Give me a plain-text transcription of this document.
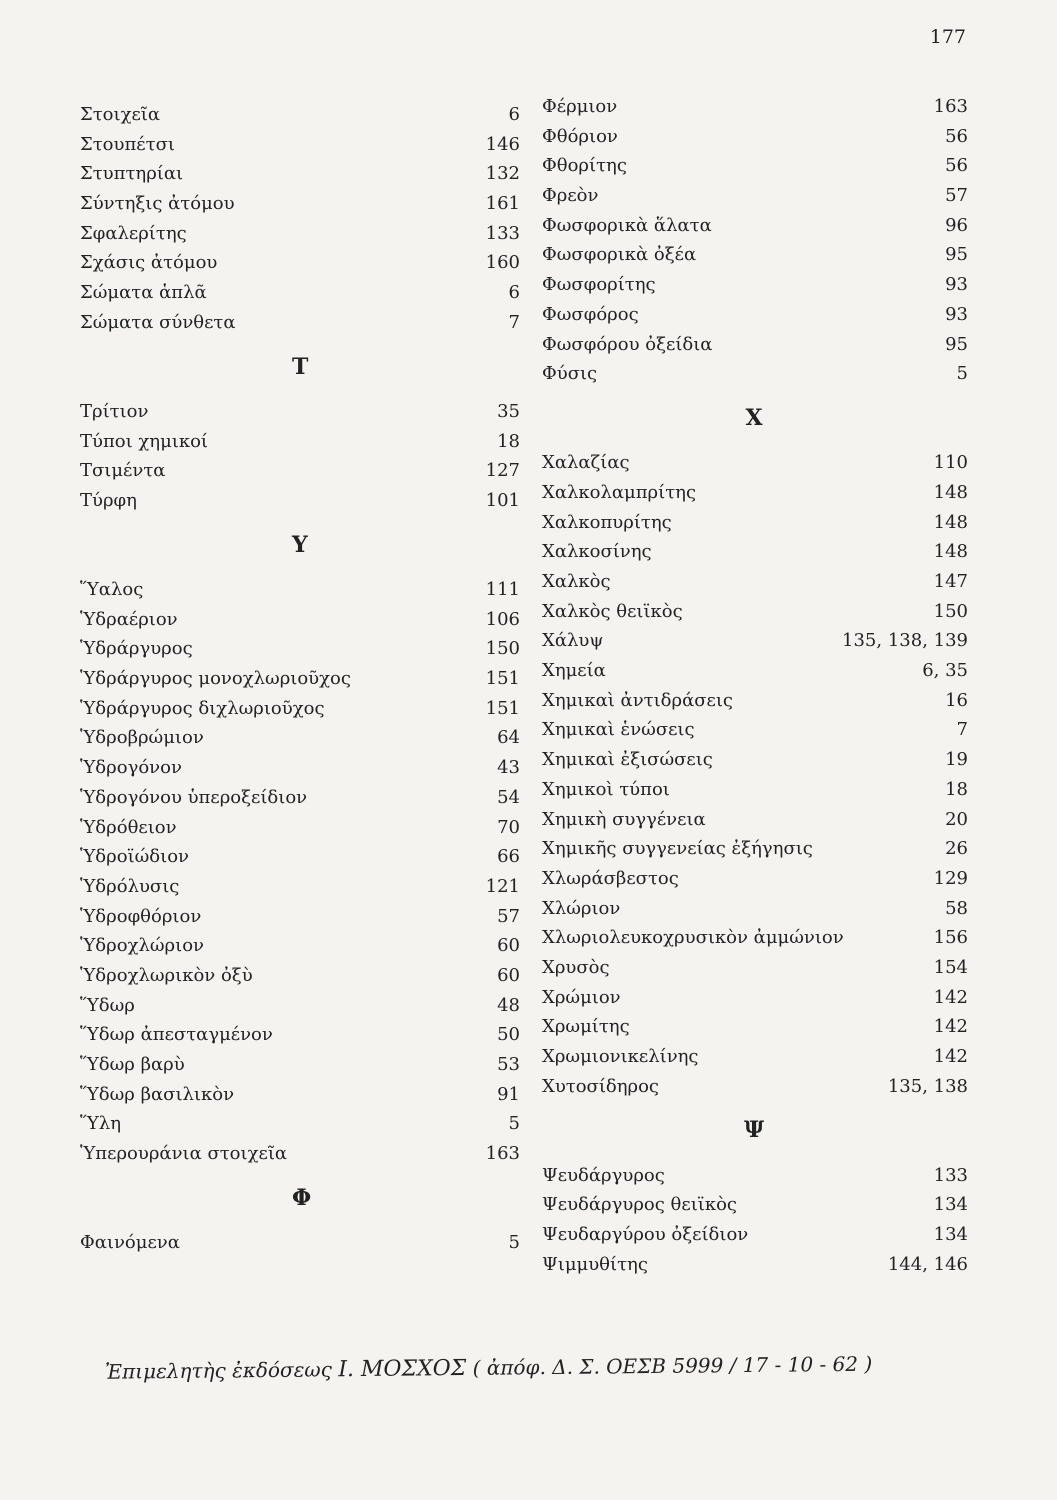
177
Στοιχεῖα	6
Στουπέτσι	146
Στυπτηρίαι	132
Σύντηξις ἀτόμου	161
Σφαλερίτης	133
Σχάσις ἀτόμου	160
Σώματα ἁπλᾶ	6
Σώματα σύνθετα	7
Τ
Τρίτιον	35
Τύποι χημικοί	18
Τσιμέντα	127
Τύρφη	101
Υ
Ὕαλος	111
Ὑδραέριον	106
Ὑδράργυρος	150
Ὑδράργυρος μονοχλωριοῦχος	151
Ὑδράργυρος διχλωριοῦχος	151
Ὑδροβρώμιον	64
Ὑδρογόνον	43
Ὑδρογόνου ὑπεροξείδιον	54
Ὑδρόθειον	70
Ὑδροϊώδιον	66
Ὑδρόλυσις	121
Ὑδροφθόριον	57
Ὑδροχλώριον	60
Ὑδροχλωρικὸν ὀξὺ	60
Ὕδωρ	48
Ὕδωρ ἀπεσταγμένον	50
Ὕδωρ βαρὺ	53
Ὕδωρ βασιλικὸν	91
Ὕλη	5
Ὑπερουράνια στοιχεῖα	163
Φ
Φαινόμενα	5
Φέρμιον	163
Φθόριον	56
Φθορίτης	56
Φρεὸν	57
Φωσφορικὰ ἅλατα	96
Φωσφορικὰ ὀξέα	95
Φωσφορίτης	93
Φωσφόρος	93
Φωσφόρου ὀξείδια	95
Φύσις	5
Χ
Χαλαζίας	110
Χαλκολαμπρίτης	148
Χαλκοπυρίτης	148
Χαλκοσίνης	148
Χαλκὸς	147
Χαλκὸς θειϊκὸς	150
Χάλυψ	135, 138, 139
Χημεία	6, 35
Χημικαὶ ἀντιδράσεις	16
Χημικαὶ ἑνώσεις	7
Χημικαὶ ἐξισώσεις	19
Χημικοὶ τύποι	18
Χημικὴ συγγένεια	20
Χημικῆς συγγενείας ἐξήγησις	26
Χλωράσβεστος	129
Χλώριον	58
Χλωριολευκοχρυσικὸν ἀμμώνιον	156
Χρυσὸς	154
Χρώμιον	142
Χρωμίτης	142
Χρωμιονικελίνης	142
Χυτοσίδηρος	135, 138
Ψ
Ψευδάργυρος	133
Ψευδάργυρος θειϊκὸς	134
Ψευδαργύρου ὀξείδιον	134
Ψιμμυθίτης	144, 146
Ἐπιμελητὴς ἐκδόσεως Ι. ΜΟΣΧΟΣ ( ἀπόφ. Δ. Σ. ΟΕΣΒ 5999 / 17 - 10 - 62 )
